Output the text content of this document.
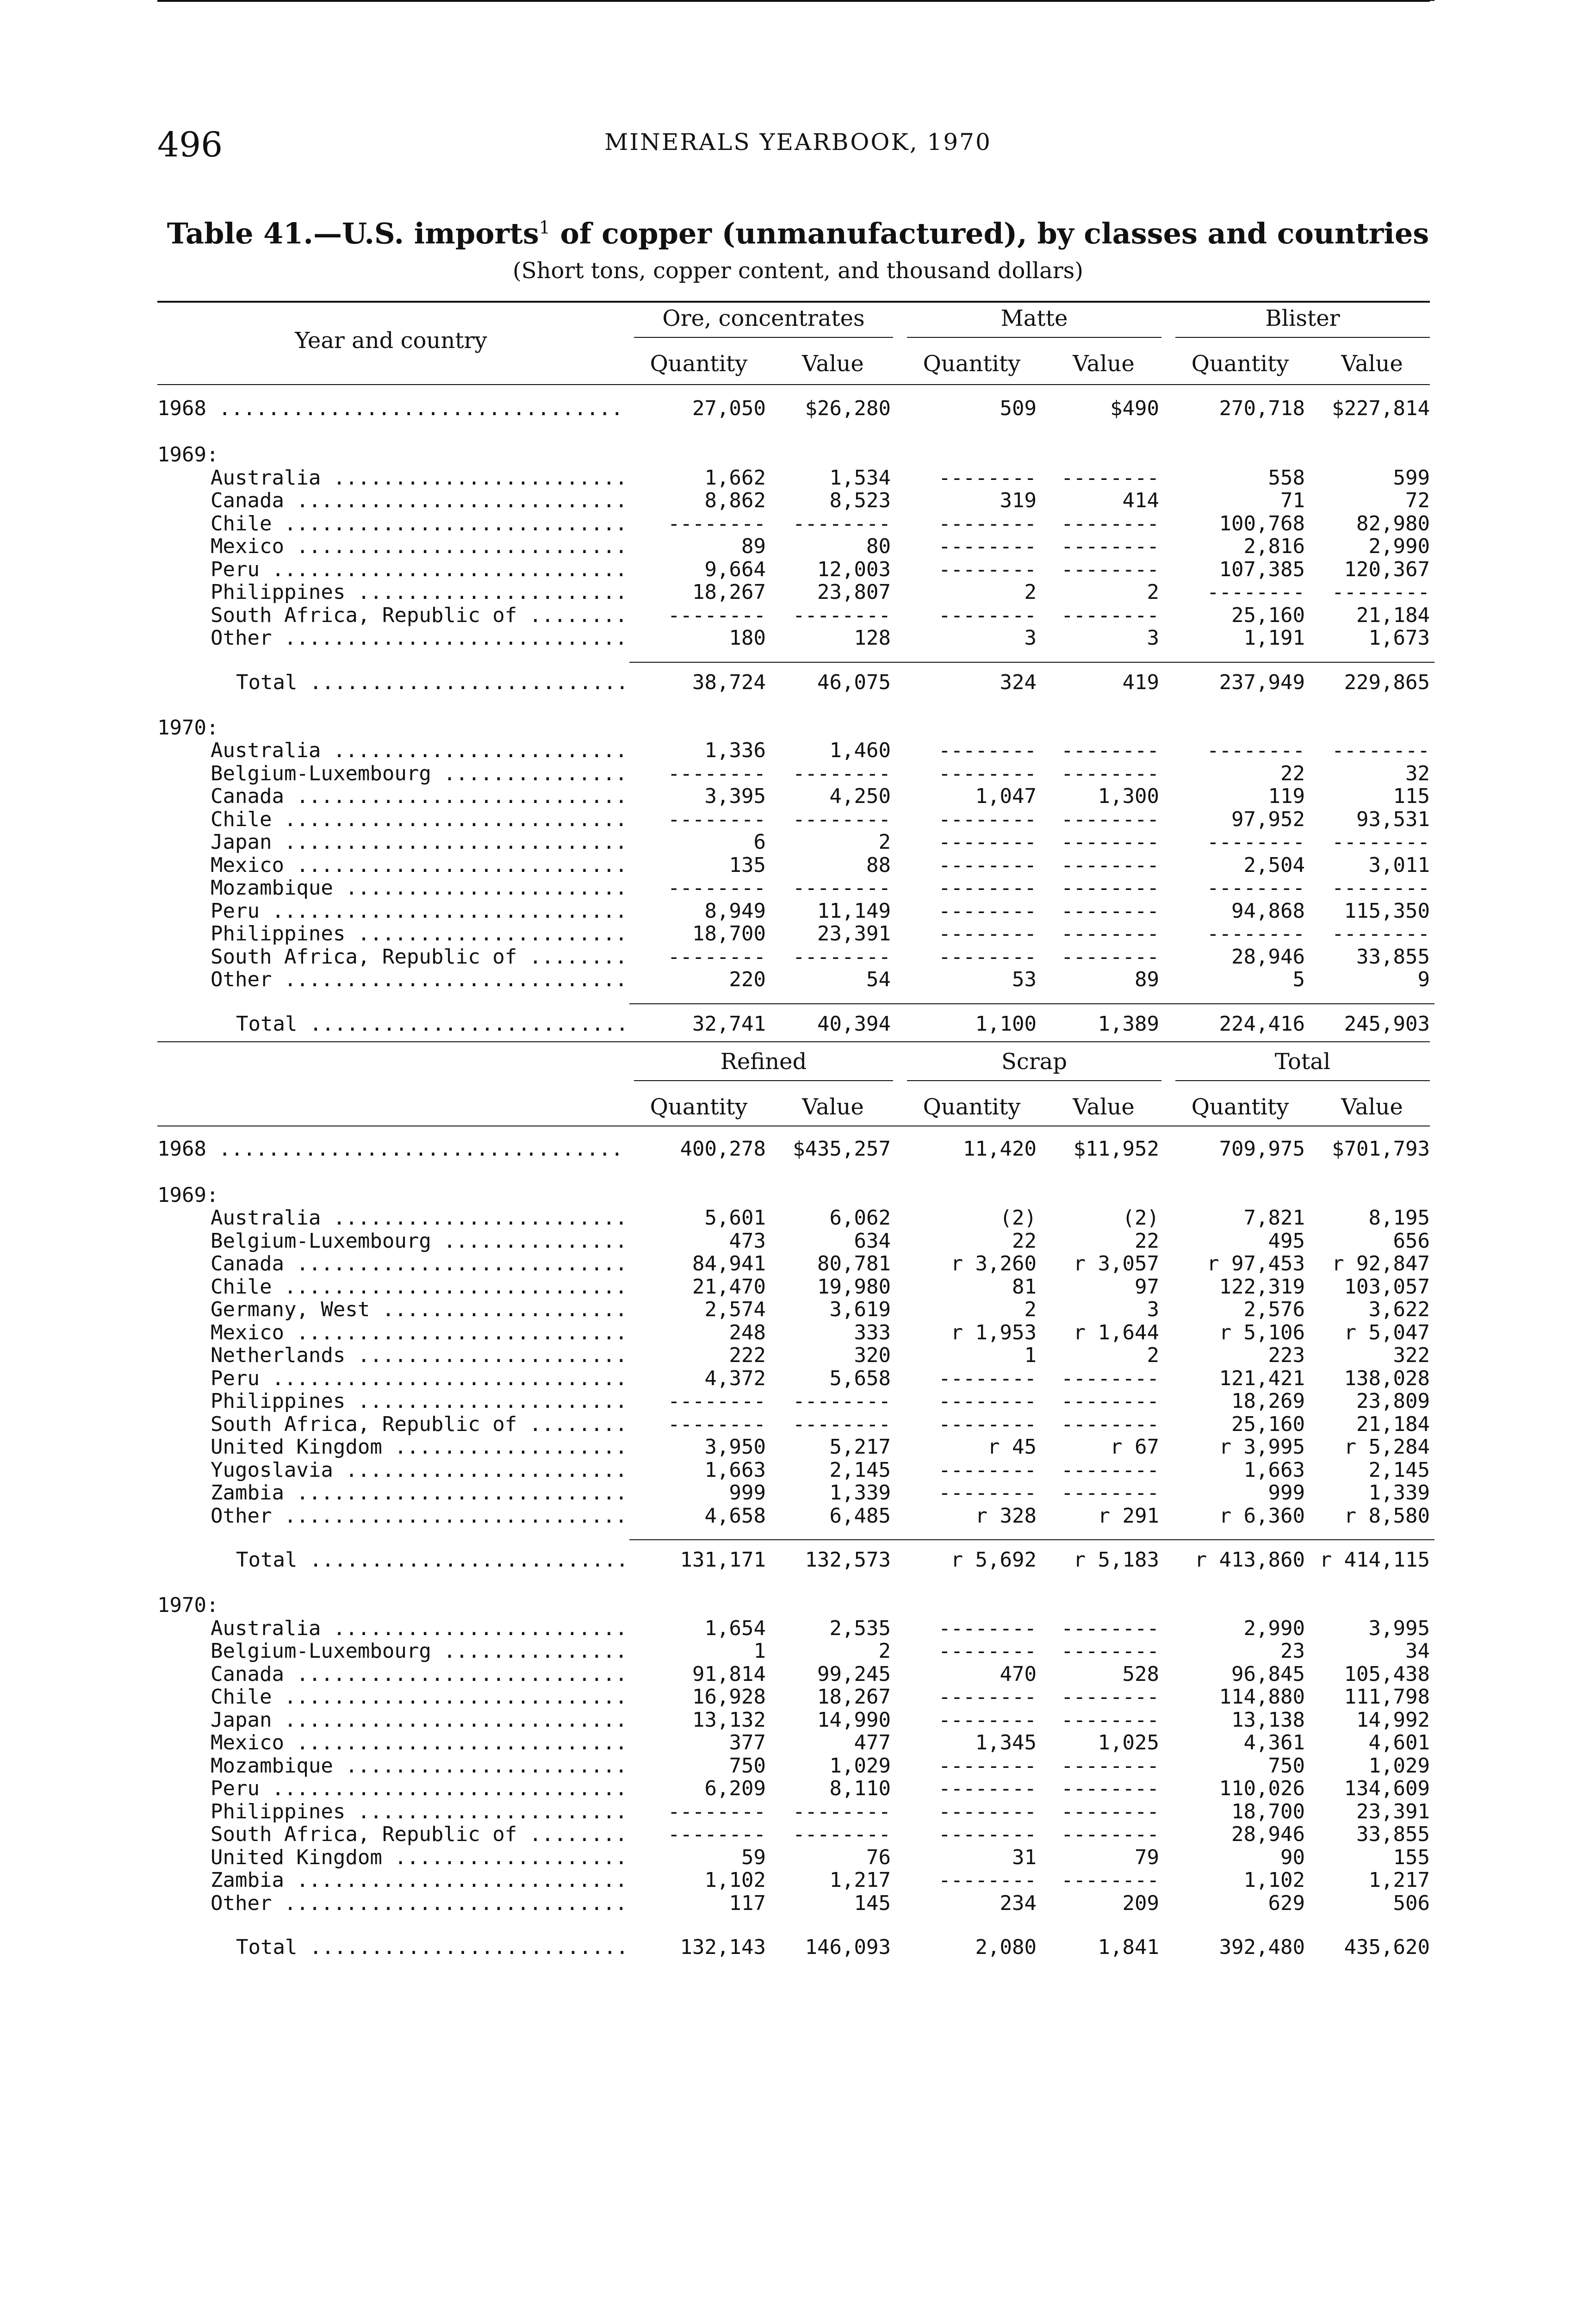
496	MINERALS YEARBOOK, 1970
Table 41.—U.S. imports$^1$ of copper (unmanufactured), by classes and countries
(Short tons, copper content, and thousand dollars)
Ore, concentrates
Quantity	Value
Matte
Quantity	Value
Blister
Quantity	Value
Year and country
1968 .....	27,050 $26,280	509	$490	270,718 $227,814
1969:
Australia .....	1,662	1,534 -------- --------	558	599
Canada .....	8,862	8,523	319	414	71	72
Chile .....	-------- -------- -------- --------	100,768	82,980
Mexico .....	89	80 -------- --------	2,816	2,990
Peru .....	9,664	12,003 -------- --------	107,385 120,367
Philippines .....	18,267	23,807	2	2 -------- --------
South Africa, Republic of .....	-------- -------- -------- --------	25,160	21,184
Other .....	180	128	3	3	1,191	1,673
Total .....	38,724	46,075	324	419	237,949 229,865
1970:
Australia .....	1,336	1,460 -------- -------- -------- --------
Belgium-Luxembourg .....	-------- -------- -------- --------	22	32
Canada .....	3,395	4,250	1,047	1,300	119	115
Chile .....	-------- -------- -------- --------	97,952	93,531
Japan .....	6	2 -------- -------- -------- --------
Mexico .....	135	88 -------- --------	2,504	3,011
Mozambique .....	-------- -------- -------- -------- -------- --------
Peru .....	8,949	11,149 -------- --------	94,868 115,350
Philippines .....	18,700	23,391 -------- -------- -------- --------
South Africa, Republic of .....	-------- -------- -------- --------	28,946	33,855
Other .....	220	54	53	89	5	9
Total .....	32,741	40,394	1,100	1,389	224,416 245,903
Refined
Quantity	Value
Scrap
Quantity	Value
Total
Quantity	Value
1968 .....	400,278 $435,257	11,420 $11,952	709,975 $701,793
1969:
Australia .....	5,601	6,062	(2)	(2)	7,821	8,195
Belgium-Luxembourg .....	473	634	22	22	495	656
Canada .....	84,941	80,781	r 3,260 r 3,057 r 97,453 r 92,847
Chile .....	21,470	19,980	81	97	122,319 103,057
Germany, West .....	2,574	3,619	2	3	2,576	3,622
Mexico .....	248	333	r 1,953 r 1,644	r 5,106 r 5,047
Netherlands .....	222	320	1	2	223	322
Peru .....	4,372	5,658 -------- --------	121,421 138,028
Philippines .....	-------- -------- -------- --------	18,269	23,809
South Africa, Republic of .....	-------- -------- -------- --------	25,160	21,184
United Kingdom .....	3,950	5,217	r 45	r 67	r 3,995 r 5,284
Yugoslavia .....	1,663	2,145 -------- --------	1,663	2,145
Zambia .....	999	1,339 -------- --------	999	1,339
Other .....	4,658	6,485	r 328	r 291	r 6,360 r 8,580
Total .....	131,171 132,573	r 5,692 r 5,183 r 413,860 r 414,115
1970:
Australia .....	1,654	2,535 -------- --------	2,990	3,995
Belgium-Luxembourg .....	1	2 -------- --------	23	34
Canada .....	91,814	99,245	470	528	96,845 105,438
Chile .....	16,928	18,267 -------- --------	114,880 111,798
Japan .....	13,132	14,990 -------- --------	13,138	14,992
Mexico .....	377	477	1,345	1,025	4,361	4,601
Mozambique .....	750	1,029 -------- --------	750	1,029
Peru .....	6,209	8,110 -------- --------	110,026 134,609
Philippines .....	-------- -------- -------- --------	18,700	23,391
South Africa, Republic of .....	-------- -------- -------- --------	28,946	33,855
United Kingdom .....	59	76	31	79	90	155
Zambia .....	1,102	1,217 -------- --------	1,102	1,217
Other .....	117	145	234	209	629	506
Total .....	132,143 146,093	2,080	1,841	392,480 435,620
